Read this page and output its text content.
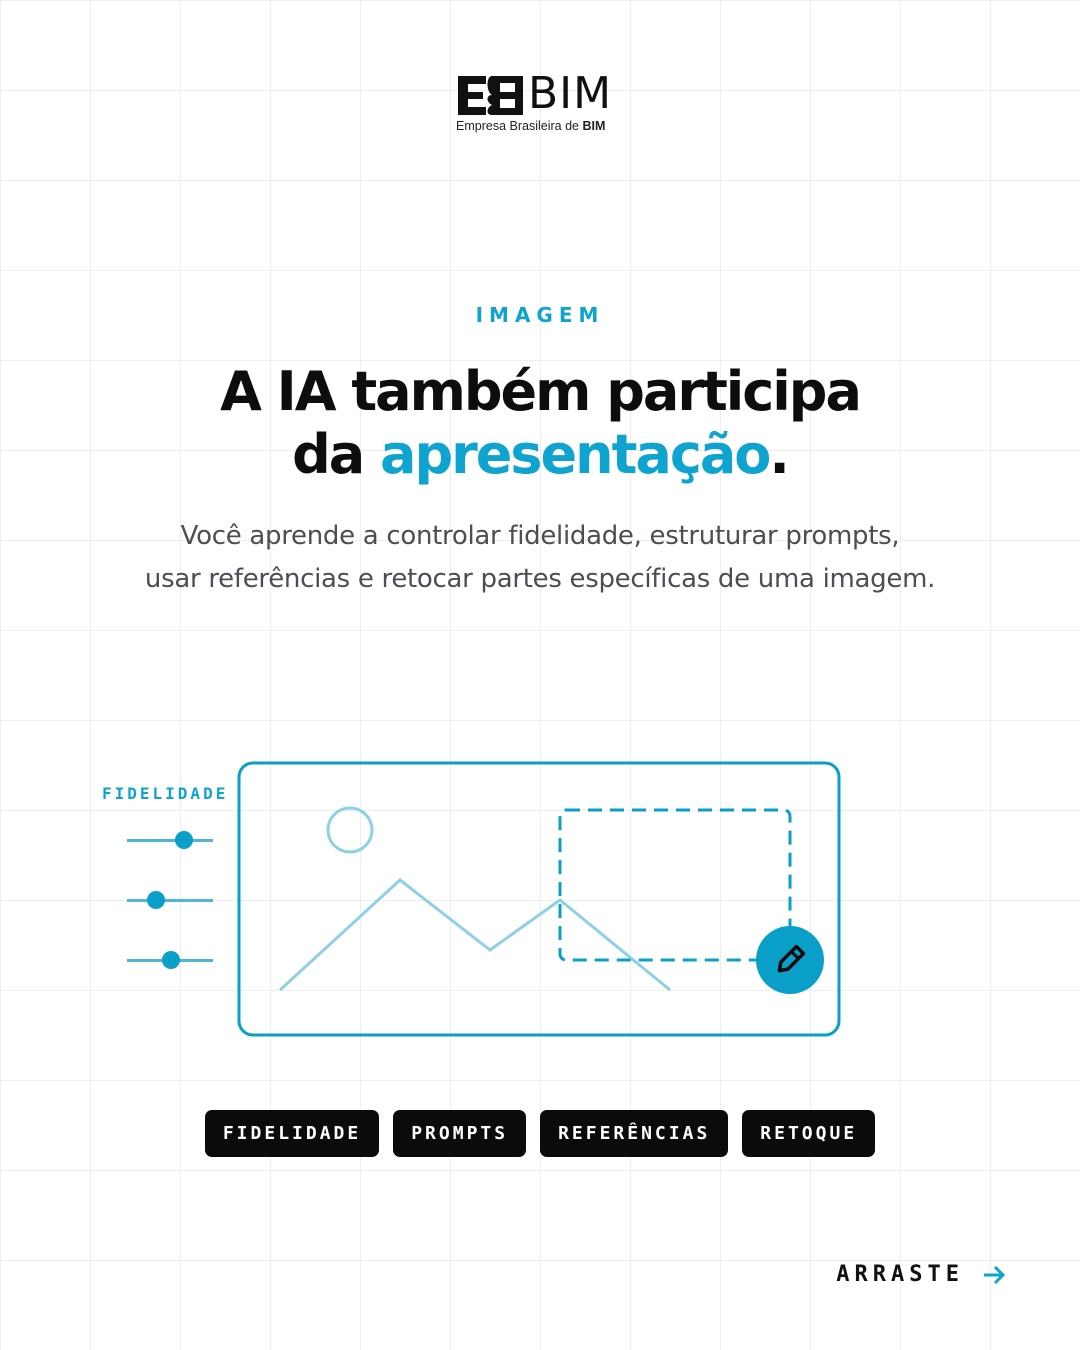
BIM
Empresa Brasileira de BIM
IMAGEM
A IA também participa
da apresentação.
Você aprende a controlar fidelidade, estruturar prompts,
usar referências e retocar partes específicas de uma imagem.
FIDELIDADE
FIDELIDADE	PROMPTS	REFERÊNCIAS	RETOQUE
ARRASTE
